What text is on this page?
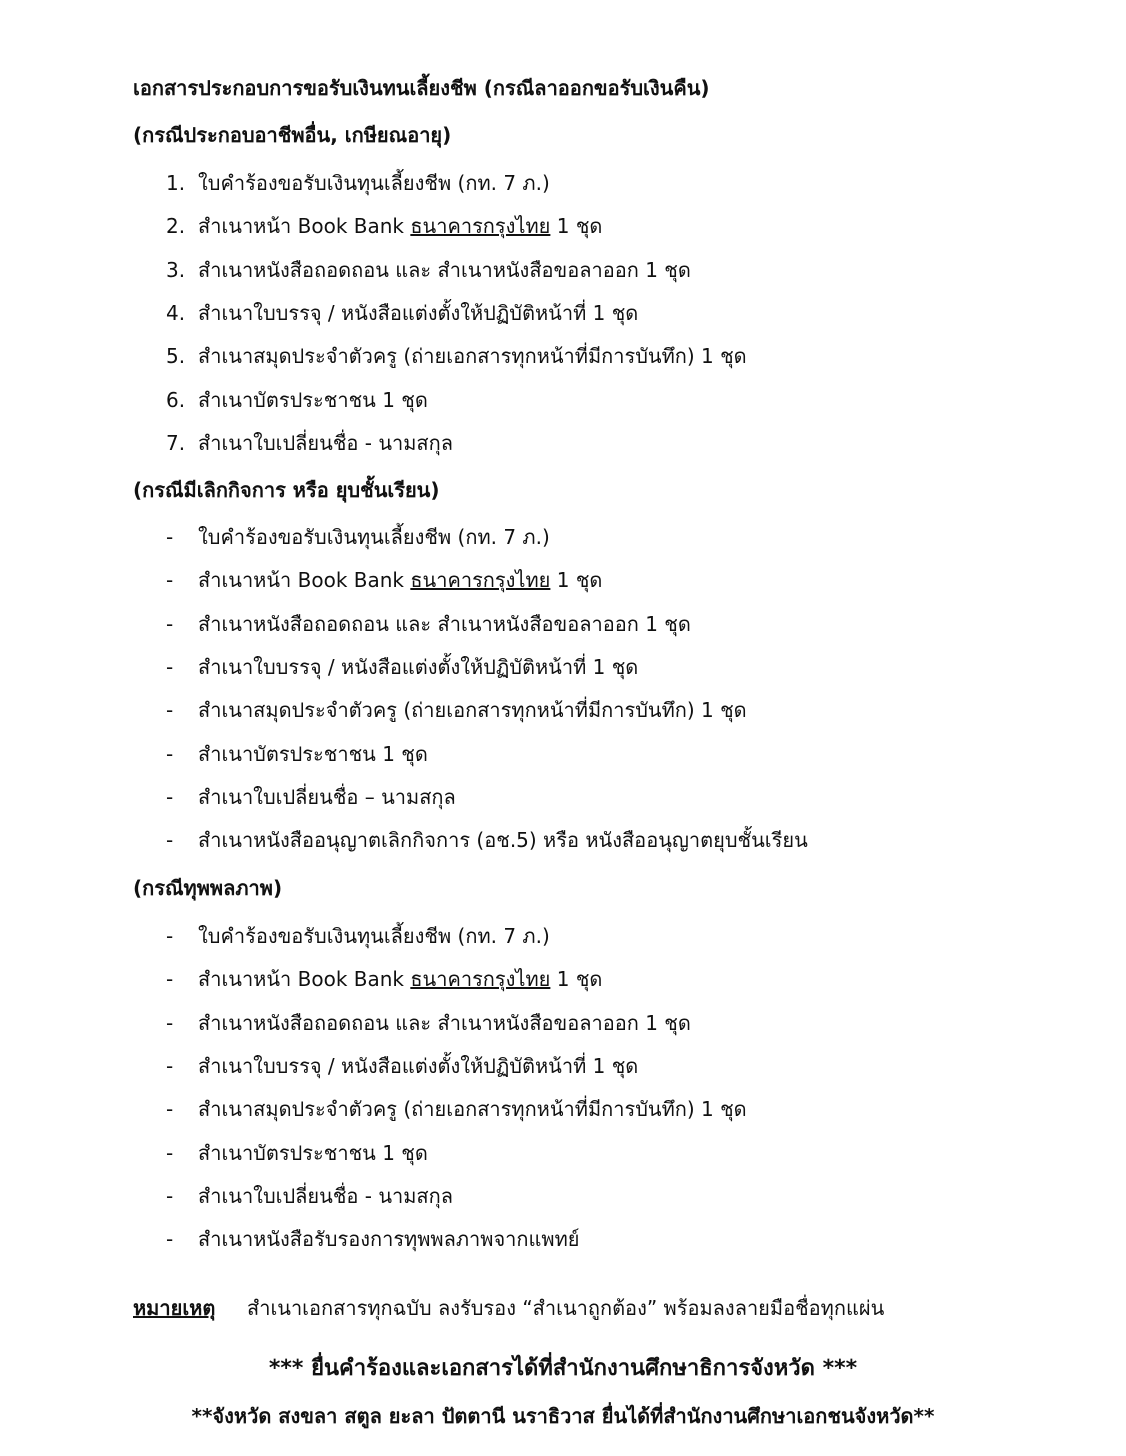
เอกสารประกอบการขอรับเงินทนเลี้ยงชีพ (กรณีลาออกขอรับเงินคืน)
(กรณีประกอบอาชีพอื่น, เกษียณอายุ)
1. ใบคำร้องขอรับเงินทุนเลี้ยงชีพ (กท. 7 ภ.)
2. สำเนาหน้า Book Bank ธนาคารกรุงไทย 1 ชุด
3. สำเนาหนังสือถอดถอน และ สำเนาหนังสือขอลาออก 1 ชุด
4. สำเนาใบบรรจุ / หนังสือแต่งตั้งให้ปฏิบัติหน้าที่ 1 ชุด
5. สำเนาสมุดประจำตัวครู (ถ่ายเอกสารทุกหน้าที่มีการบันทึก) 1 ชุด
6. สำเนาบัตรประชาชน 1 ชุด
7. สำเนาใบเปลี่ยนชื่อ - นามสกุล
(กรณีมีเลิกกิจการ หรือ ยุบชั้นเรียน)
- ใบคำร้องขอรับเงินทุนเลี้ยงชีพ (กท. 7 ภ.)
- สำเนาหน้า Book Bank ธนาคารกรุงไทย 1 ชุด
- สำเนาหนังสือถอดถอน และ สำเนาหนังสือขอลาออก 1 ชุด
- สำเนาใบบรรจุ / หนังสือแต่งตั้งให้ปฏิบัติหน้าที่ 1 ชุด
- สำเนาสมุดประจำตัวครู (ถ่ายเอกสารทุกหน้าที่มีการบันทึก) 1 ชุด
- สำเนาบัตรประชาชน 1 ชุด
- สำเนาใบเปลี่ยนชื่อ – นามสกุล
- สำเนาหนังสืออนุญาตเลิกกิจการ (อช.5) หรือ หนังสืออนุญาตยุบชั้นเรียน
(กรณีทุพพลภาพ)
- ใบคำร้องขอรับเงินทุนเลี้ยงชีพ (กท. 7 ภ.)
- สำเนาหน้า Book Bank ธนาคารกรุงไทย 1 ชุด
- สำเนาหนังสือถอดถอน และ สำเนาหนังสือขอลาออก 1 ชุด
- สำเนาใบบรรจุ / หนังสือแต่งตั้งให้ปฏิบัติหน้าที่ 1 ชุด
- สำเนาสมุดประจำตัวครู (ถ่ายเอกสารทุกหน้าที่มีการบันทึก) 1 ชุด
- สำเนาบัตรประชาชน 1 ชุด
- สำเนาใบเปลี่ยนชื่อ - นามสกุล
- สำเนาหนังสือรับรองการทุพพลภาพจากแพทย์
หมายเหตุ สำเนาเอกสารทุกฉบับ ลงรับรอง “สำเนาถูกต้อง” พร้อมลงลายมือชื่อทุกแผ่น
*** ยื่นคำร้องและเอกสารได้ที่สำนักงานศึกษาธิการจังหวัด ***
**จังหวัด สงขลา สตูล ยะลา ปัตตานี นราธิวาส ยื่นได้ที่สำนักงานศึกษาเอกชนจังหวัด**
